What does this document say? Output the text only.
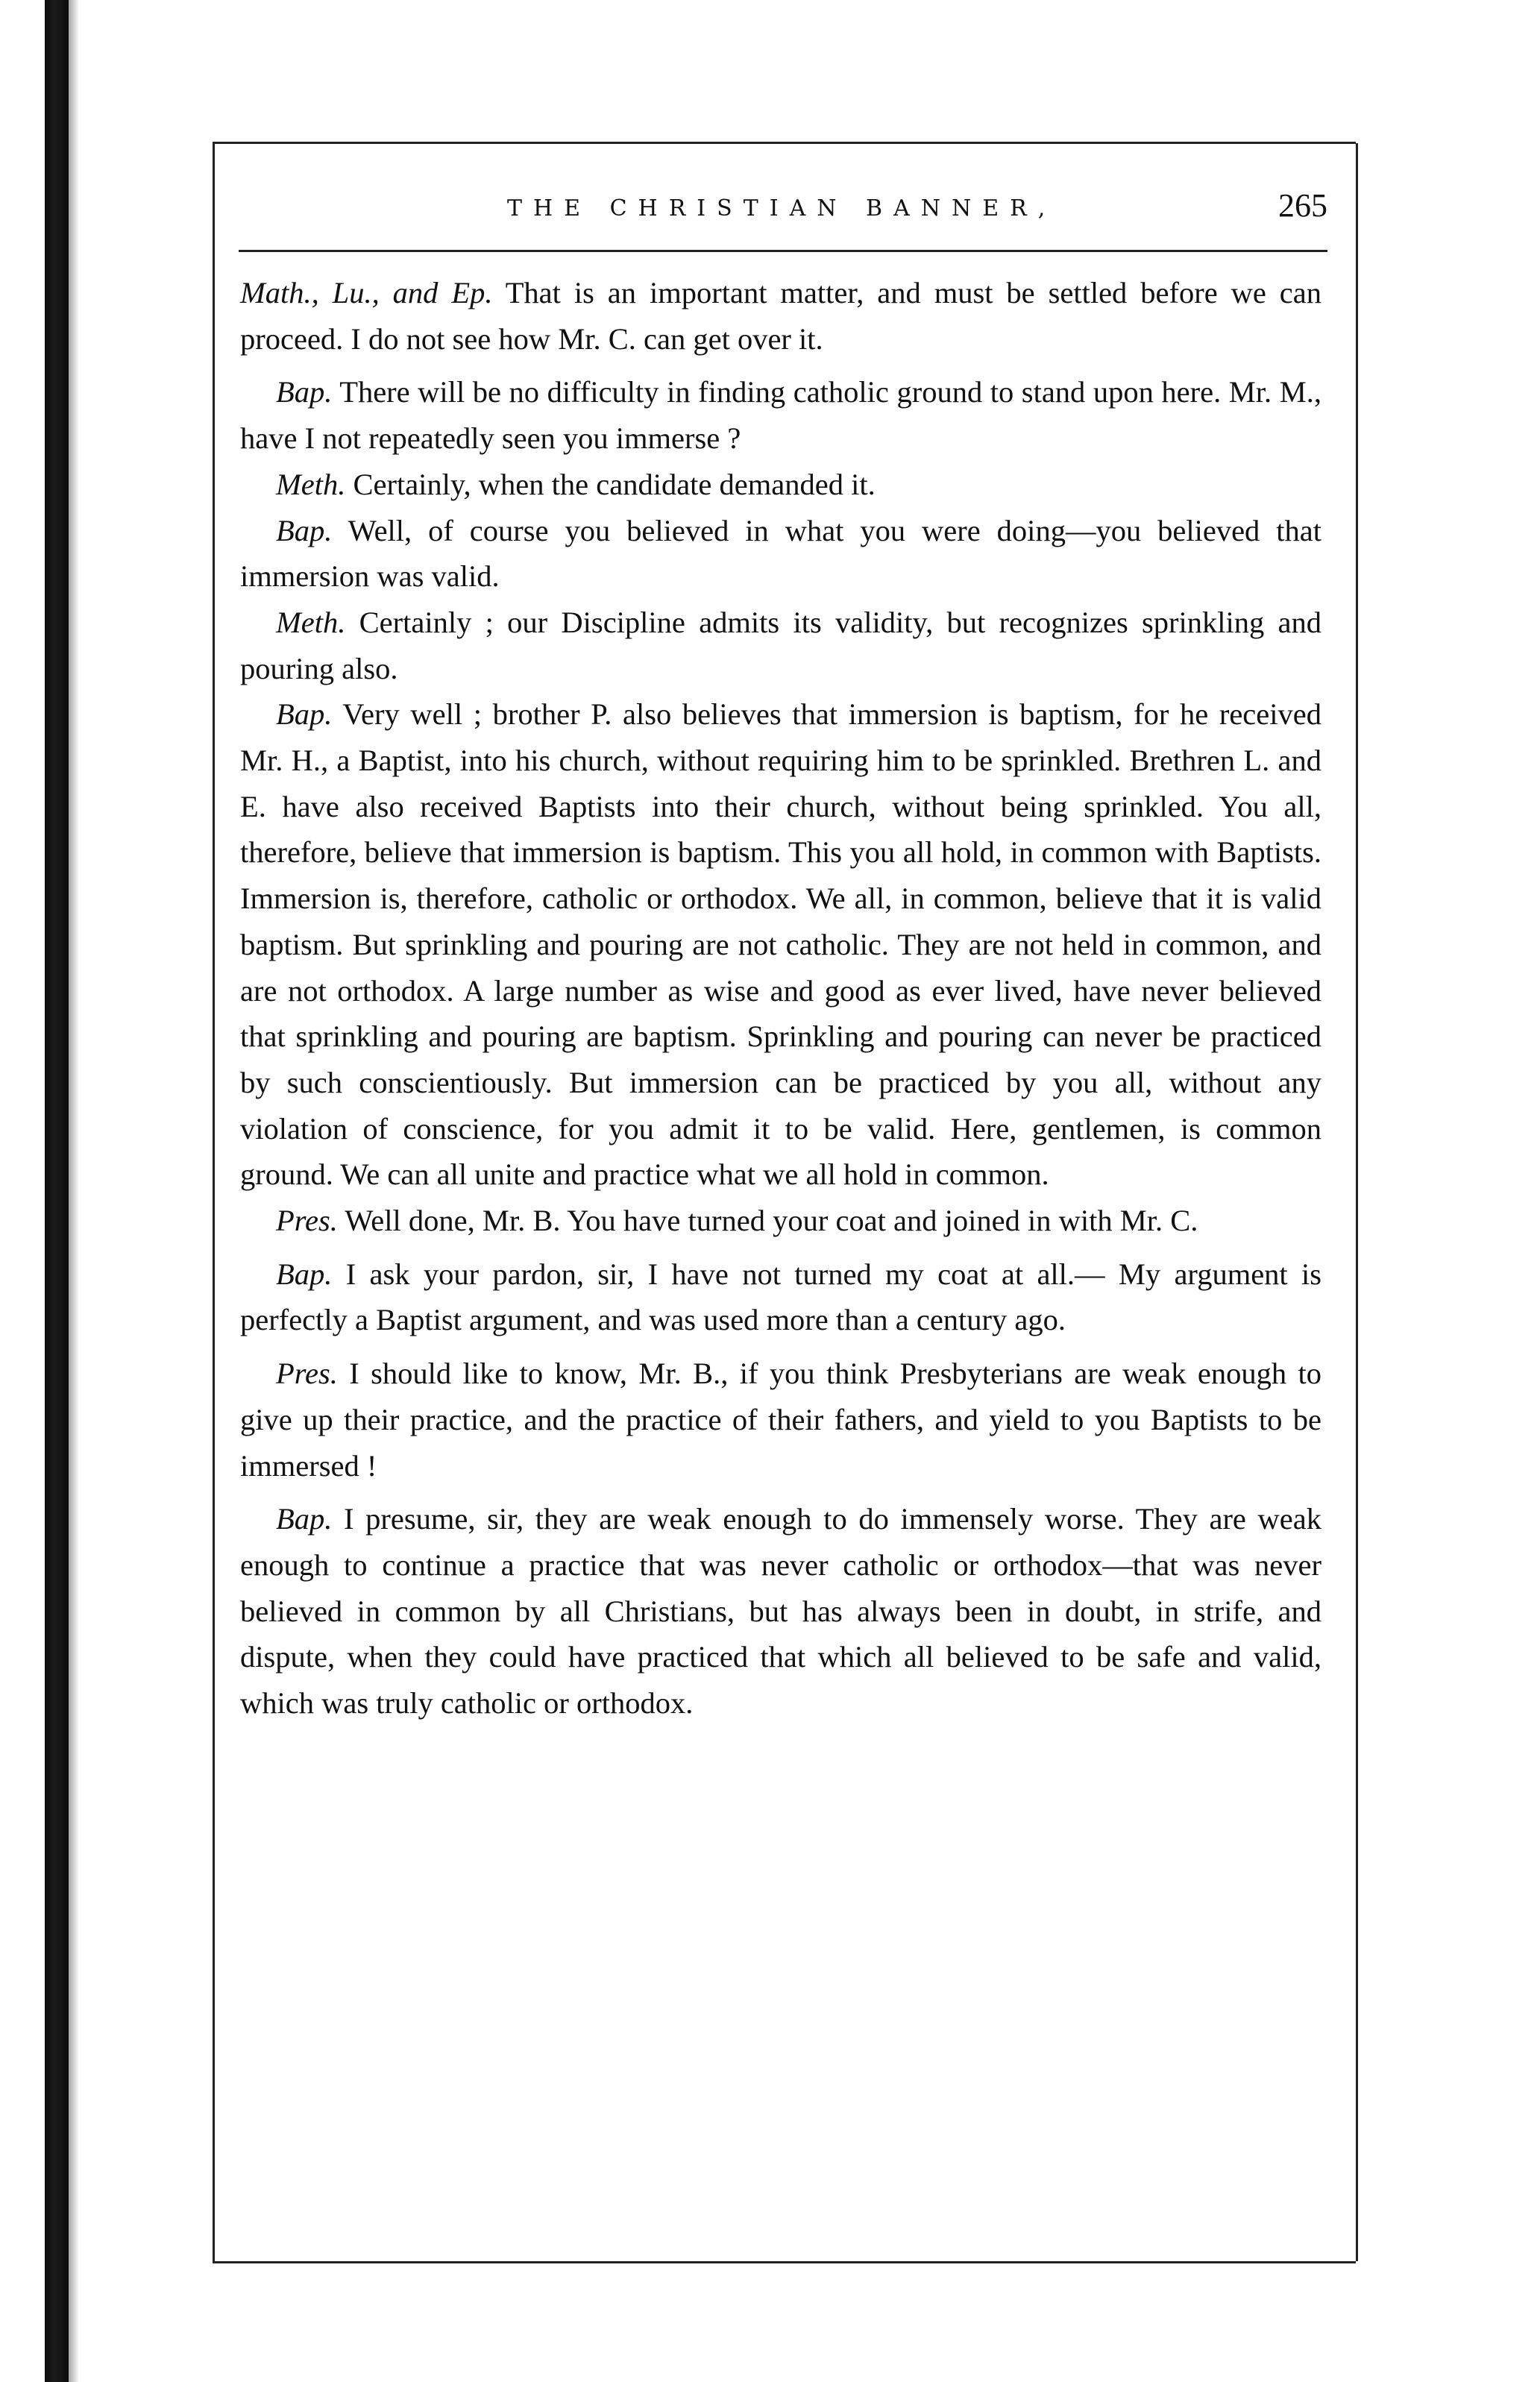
THE CHRISTIAN BANNER,	265

Math., Lu., and Ep. That is an important matter, and must be settled before we can proceed. I do not see how Mr. C. can get over it.

Bap. There will be no difficulty in finding catholic ground to stand upon here. Mr. M., have I not repeatedly seen you immerse ?

Meth. Certainly, when the candidate demanded it.

Bap. Well, of course you believed in what you were doing—you believed that immersion was valid.

Meth. Certainly ; our Discipline admits its validity, but recognizes sprinkling and pouring also.

Bap. Very well ; brother P. also believes that immersion is baptism, for he received Mr. H., a Baptist, into his church, without requiring him to be sprinkled. Brethren L. and E. have also received Baptists into their church, without being sprinkled. You all, therefore, believe that immersion is baptism. This you all hold, in common with Baptists. Immersion is, therefore, catholic or orthodox. We all, in common, believe that it is valid baptism. But sprinkling and pouring are not catholic. They are not held in common, and are not orthodox. A large number as wise and good as ever lived, have never believed that sprinkling and pouring are baptism. Sprinkling and pouring can never be practiced by such conscientiously. But immersion can be practiced by you all, without any violation of conscience, for you admit it to be valid. Here, gentlemen, is common ground. We can all unite and practice what we all hold in common.

Pres. Well done, Mr. B. You have turned your coat and joined in with Mr. C.

Bap. I ask your pardon, sir, I have not turned my coat at all.— My argument is perfectly a Baptist argument, and was used more than a century ago.

Pres. I should like to know, Mr. B., if you think Presbyterians are weak enough to give up their practice, and the practice of their fathers, and yield to you Baptists to be immersed !

Bap. I presume, sir, they are weak enough to do immensely worse. They are weak enough to continue a practice that was never catholic or orthodox—that was never believed in common by all Christians, but has always been in doubt, in strife, and dispute, when they could have practiced that which all believed to be safe and valid, which was truly catholic or orthodox.
